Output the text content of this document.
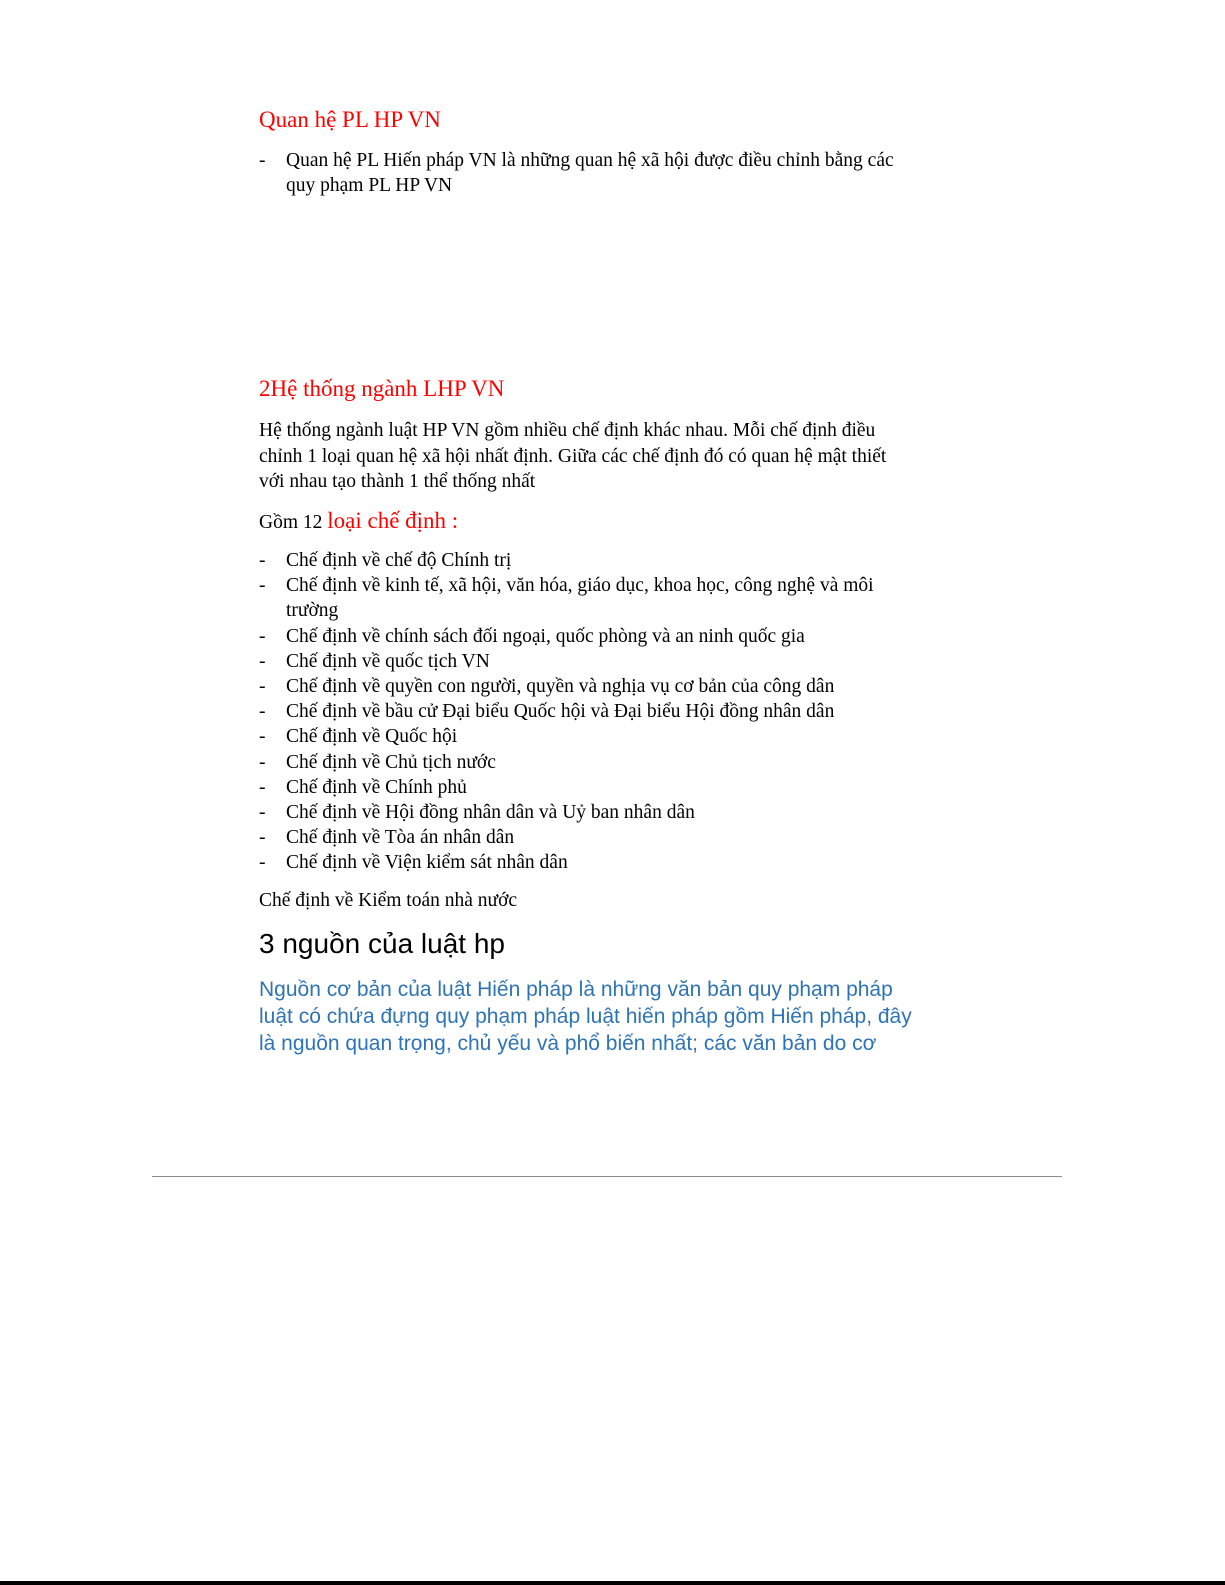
Quan hệ PL HP VN
- Quan hệ PL Hiến pháp VN là những quan hệ xã hội được điều chỉnh bằng các
quy phạm PL HP VN
2Hệ thống ngành LHP VN
Hệ thống ngành luật HP VN gồm nhiều chế định khác nhau. Mỗi chế định điều
chỉnh 1 loại quan hệ xã hội nhất định. Giữa các chế định đó có quan hệ mật thiết
với nhau tạo thành 1 thể thống nhất
Gồm 12 loại chế định :
- Chế định về chế độ Chính trị
- Chế định về kinh tế, xã hội, văn hóa, giáo dục, khoa học, công nghệ và môi
trường
- Chế định về chính sách đối ngoại, quốc phòng và an ninh quốc gia
- Chế định về quốc tịch VN
- Chế định về quyền con người, quyền và nghịa vụ cơ bản của công dân
- Chế định về bầu cử Đại biểu Quốc hội và Đại biểu Hội đồng nhân dân
- Chế định về Quốc hội
- Chế định về Chủ tịch nước
- Chế định về Chính phủ
- Chế định về Hội đồng nhân dân và Uỷ ban nhân dân
- Chế định về Tòa án nhân dân
- Chế định về Viện kiểm sát nhân dân
Chế định về Kiểm toán nhà nước
3 nguồn của luật hp
Nguồn cơ bản của luật Hiến pháp là những văn bản quy phạm pháp
luật có chứa đựng quy phạm pháp luật hiến pháp gồm Hiến pháp, đây
là nguồn quan trọng, chủ yếu và phổ biến nhất; các văn bản do cơ
